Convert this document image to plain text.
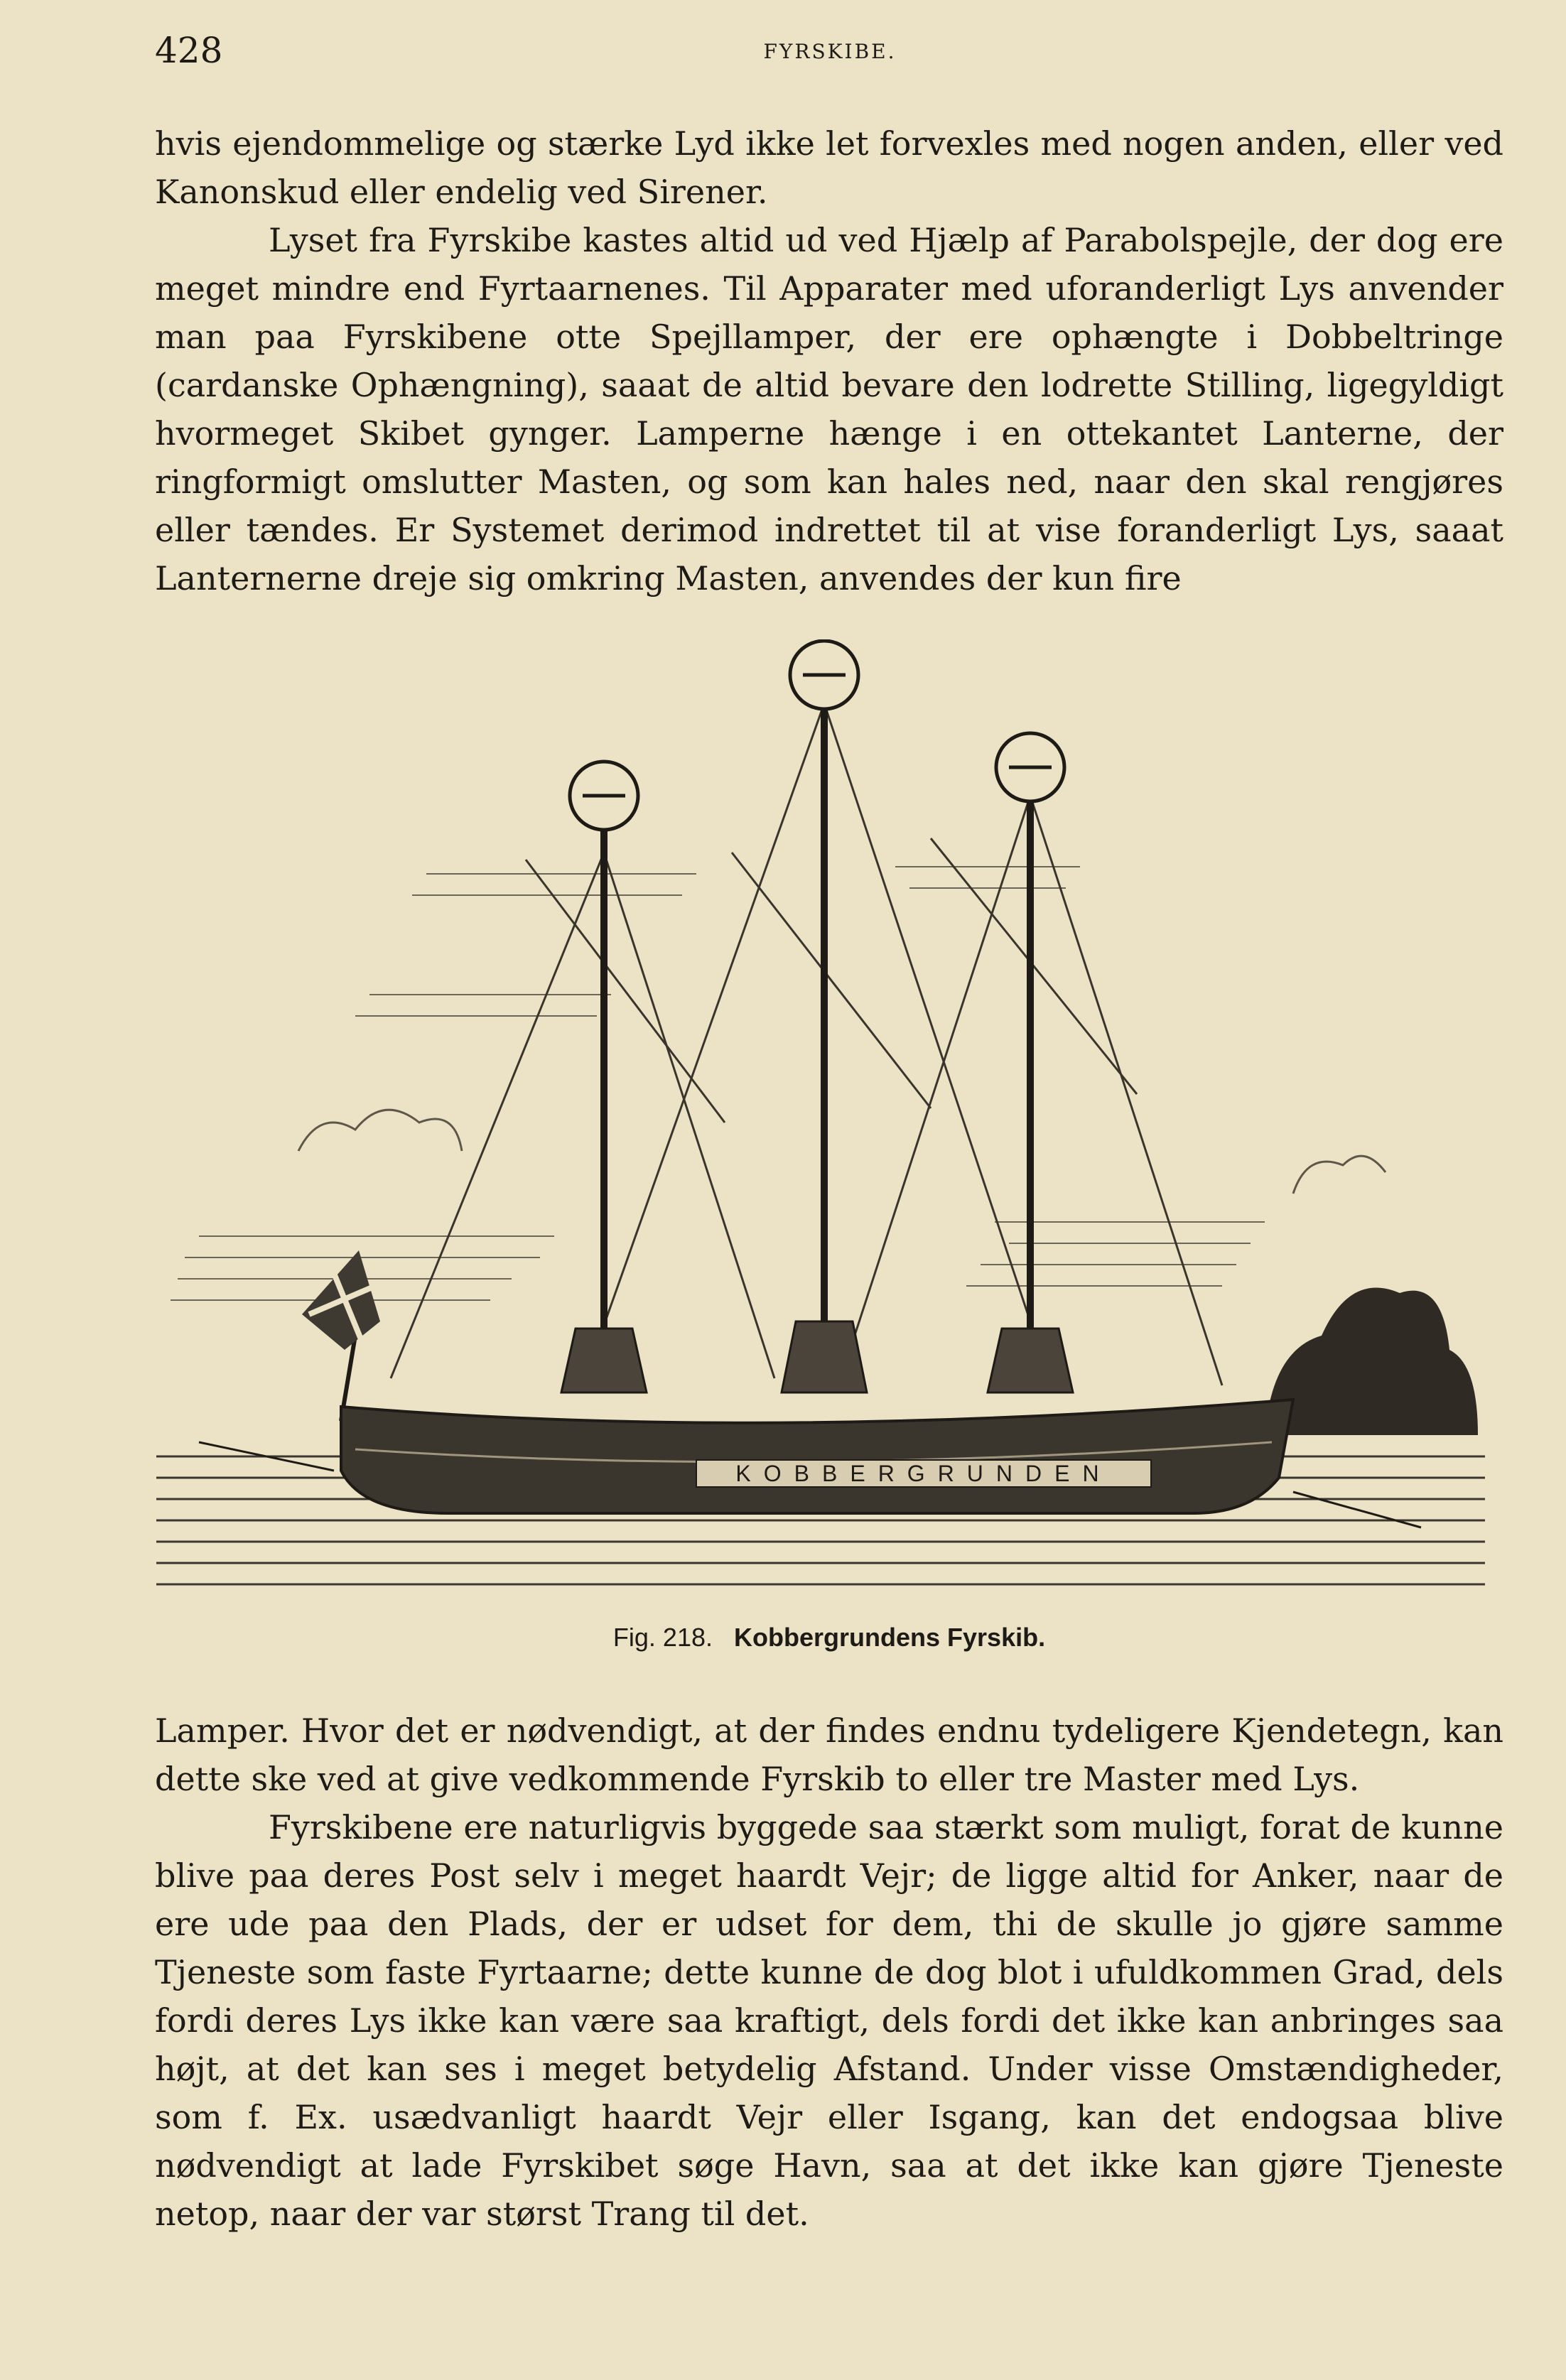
428	FYRSKIBE.

hvis ejendommelige og stærke Lyd ikke let forvexles med nogen anden, eller ved Kanonskud eller endelig ved Sirener.

Lyset fra Fyrskibe kastes altid ud ved Hjælp af Parabolspejle, der dog ere meget mindre end Fyrtaarnenes. Til Apparater med uforanderligt Lys anvender man paa Fyrskibene otte Spejllamper, der ere ophængte i Dobbeltringe (cardanske Ophængning), saaat de altid bevare den lodrette Stilling, ligegyldigt hvormeget Skibet gynger. Lamperne hænge i en ottekantet Lanterne, der ringformigt omslutter Masten, og som kan hales ned, naar den skal rengjøres eller tændes. Er Systemet derimod indrettet til at vise foranderligt Lys, saaat Lanternerne dreje sig omkring Masten, anvendes der kun fire

KOBBERGRUNDEN
Fig. 218. Kobbergrundens Fyrskib.

Lamper. Hvor det er nødvendigt, at der findes endnu tydeligere Kjendetegn, kan dette ske ved at give vedkommende Fyrskib to eller tre Master med Lys.

Fyrskibene ere naturligvis byggede saa stærkt som muligt, forat de kunne blive paa deres Post selv i meget haardt Vejr; de ligge altid for Anker, naar de ere ude paa den Plads, der er udset for dem, thi de skulle jo gjøre samme Tjeneste som faste Fyrtaarne; dette kunne de dog blot i ufuldkommen Grad, dels fordi deres Lys ikke kan være saa kraftigt, dels fordi det ikke kan anbringes saa højt, at det kan ses i meget betydelig Afstand. Under visse Omstændigheder, som f. Ex. usædvanligt haardt Vejr eller Isgang, kan det endogsaa blive nødvendigt at lade Fyrskibet søge Havn, saa at det ikke kan gjøre Tjeneste netop, naar der var størst Trang til det.
